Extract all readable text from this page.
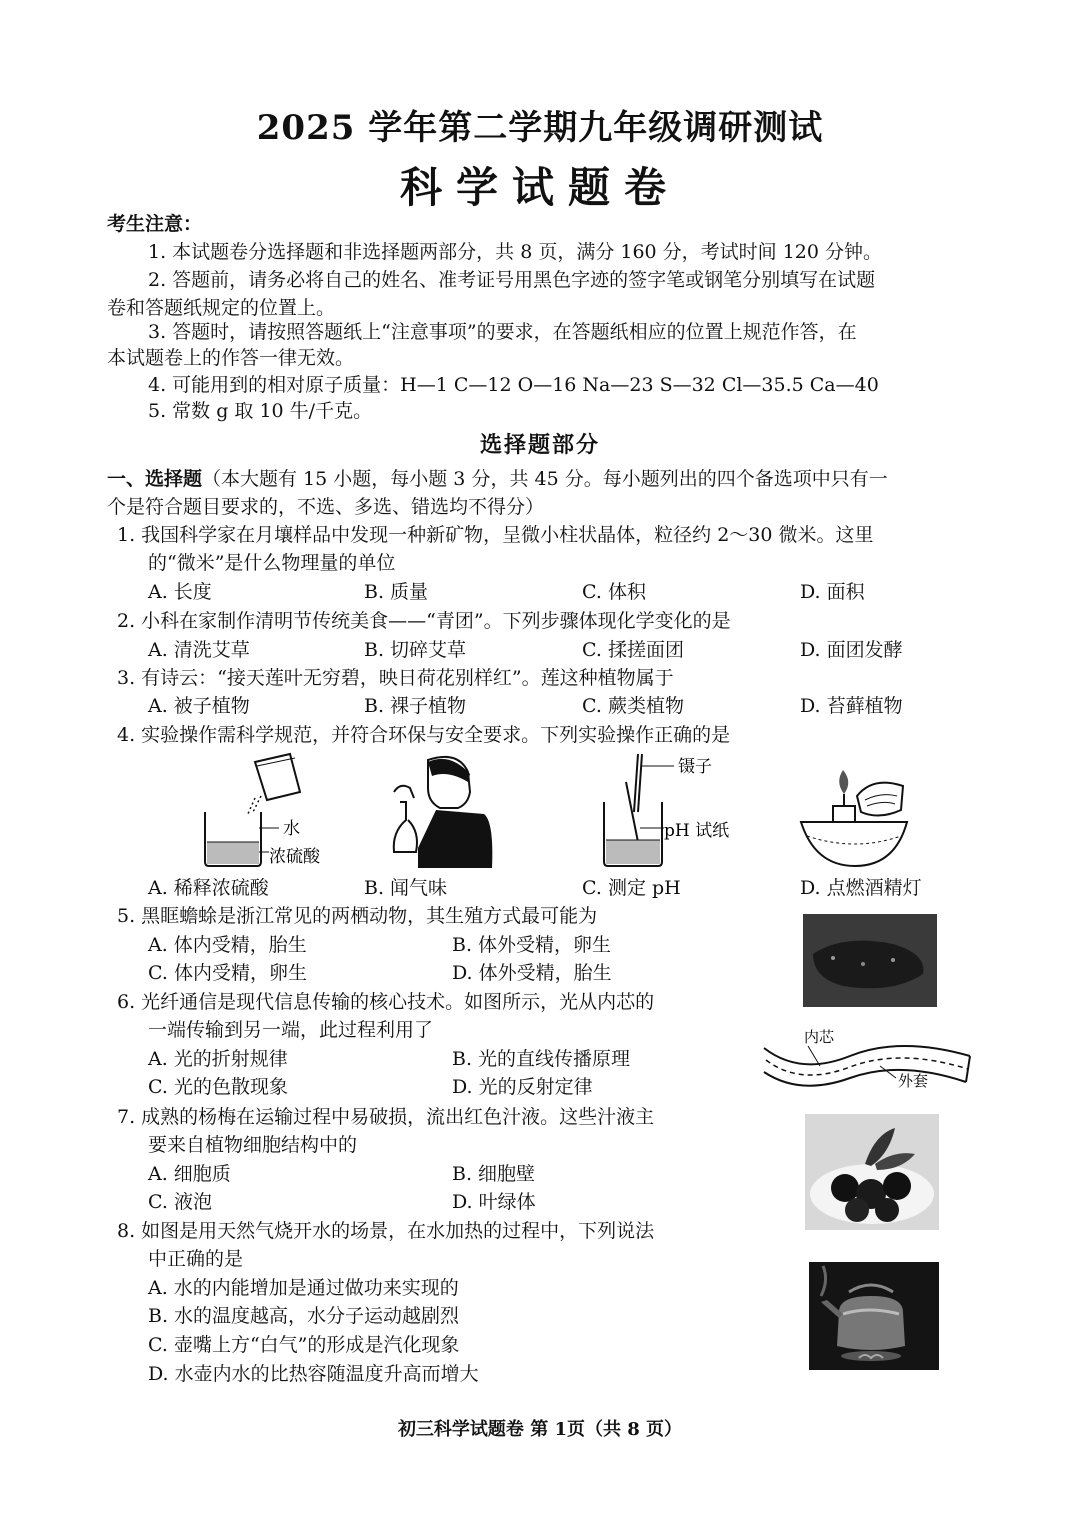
2025 学年第二学期九年级调研测试
科学试题卷
考生注意：
1. 本试题卷分选择题和非选择题两部分，共 8 页，满分 160 分，考试时间 120 分钟。
2. 答题前，请务必将自己的姓名、准考证号用黑色字迹的签字笔或钢笔分别填写在试题
卷和答题纸规定的位置上。
3. 答题时，请按照答题纸上“注意事项”的要求，在答题纸相应的位置上规范作答，在
本试题卷上的作答一律无效。
4. 可能用到的相对原子质量：H—1 C—12 O—16 Na—23 S—32 Cl—35.5 Ca—40
5. 常数 g 取 10 牛/千克。
选择题部分
一、选择题（本大题有 15 小题，每小题 3 分，共 45 分。每小题列出的四个备选项中只有一
个是符合题目要求的，不选、多选、错选均不得分）
1. 我国科学家在月壤样品中发现一种新矿物，呈微小柱状晶体，粒径约 2～30 微米。这里
的“微米”是什么物理量的单位
A. 长度	B. 质量	C. 体积	D. 面积
2. 小科在家制作清明节传统美食——“青团”。下列步骤体现化学变化的是
A. 清洗艾草	B. 切碎艾草	C. 揉搓面团	D. 面团发酵
3. 有诗云：“接天莲叶无穷碧，映日荷花别样红”。莲这种植物属于
A. 被子植物	B. 裸子植物	C. 蕨类植物	D. 苔藓植物
4. 实验操作需科学规范，并符合环保与安全要求。下列实验操作正确的是
水
浓硫酸
镊子
pH 试纸
A. 稀释浓硫酸	B. 闻气味	C. 测定 pH	D. 点燃酒精灯
5. 黑眶蟾蜍是浙江常见的两栖动物，其生殖方式最可能为
A. 体内受精，胎生	B. 体外受精，卵生
C. 体内受精，卵生	D. 体外受精，胎生
6. 光纤通信是现代信息传输的核心技术。如图所示，光从内芯的
一端传输到另一端，此过程利用了
A. 光的折射规律	B. 光的直线传播原理
C. 光的色散现象	D. 光的反射定律
内芯
外套
7. 成熟的杨梅在运输过程中易破损，流出红色汁液。这些汁液主
要来自植物细胞结构中的
A. 细胞质	B. 细胞壁
C. 液泡	D. 叶绿体
8. 如图是用天然气烧开水的场景，在水加热的过程中，下列说法
中正确的是
A. 水的内能增加是通过做功来实现的
B. 水的温度越高，水分子运动越剧烈
C. 壶嘴上方“白气”的形成是汽化现象
D. 水壶内水的比热容随温度升高而增大
初三科学试题卷 第 1页（共 8 页）
